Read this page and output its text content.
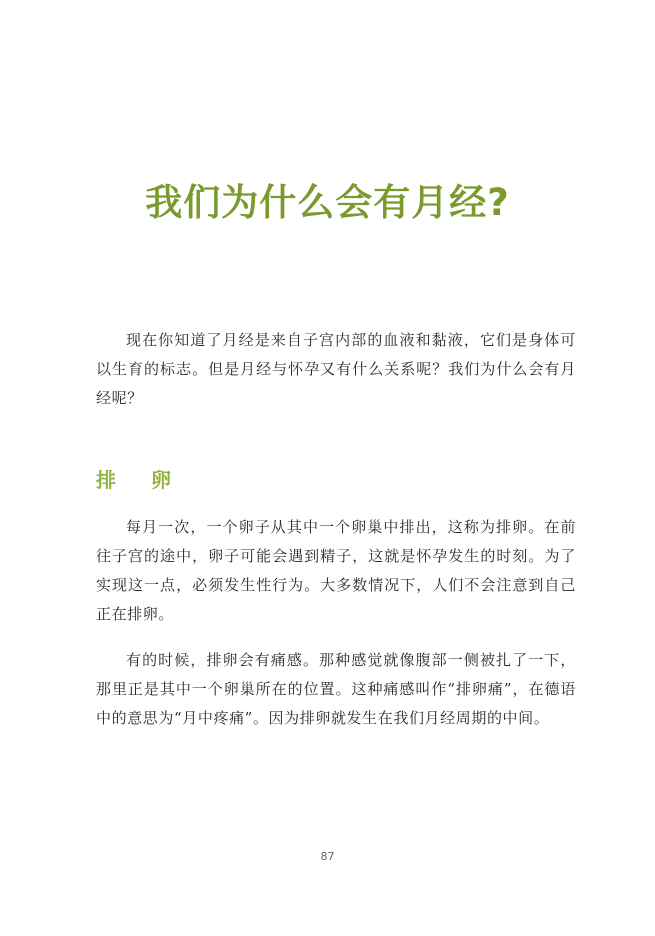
我们为什么会有月经?

现在你知道了月经是来自子宫内部的血液和黏液，它们是身体可以生育的标志。但是月经与怀孕又有什么关系呢？我们为什么会有月经呢？

排 卵

每月一次，一个卵子从其中一个卵巢中排出，这称为排卵。在前往子宫的途中，卵子可能会遇到精子，这就是怀孕发生的时刻。为了实现这一点，必须发生性行为。大多数情况下，人们不会注意到自己正在排卵。

有的时候，排卵会有痛感。那种感觉就像腹部一侧被扎了一下，那里正是其中一个卵巢所在的位置。这种痛感叫作“排卵痛”，在德语中的意思为“月中疼痛”。因为排卵就发生在我们月经周期的中间。

87
